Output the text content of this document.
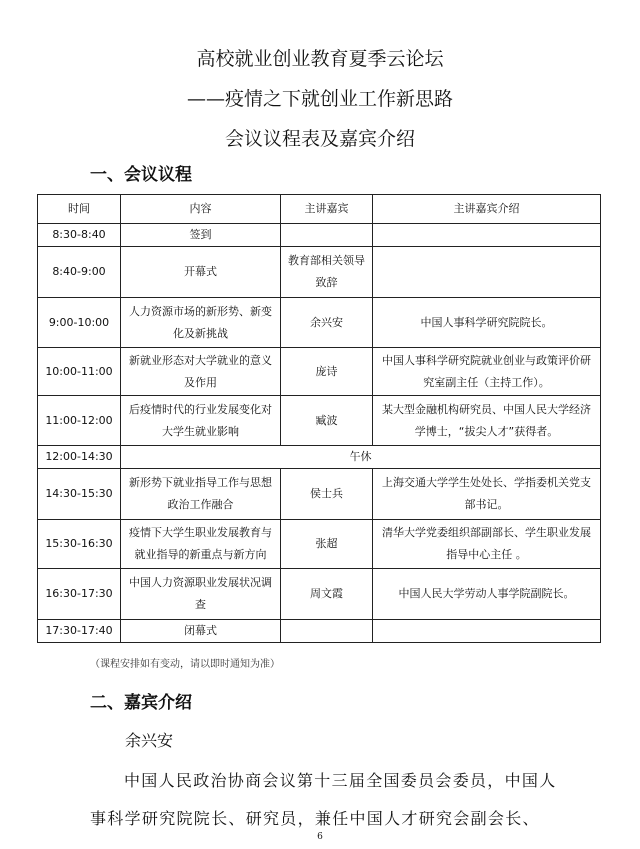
高校就业创业教育夏季云论坛
——疫情之下就创业工作新思路
会议议程表及嘉宾介绍
一、会议议程
时间	内容	主讲嘉宾	主讲嘉宾介绍
8:30-8:40	签到		
8:40-9:00	开幕式	教育部相关领导致辞	
9:00-10:00	人力资源市场的新形势、新变化及新挑战	余兴安	中国人事科学研究院院长。
10:00-11:00	新就业形态对大学就业的意义及作用	庞诗	中国人事科学研究院就业创业与政策评价研究室副主任（主持工作）。
11:00-12:00	后疫情时代的行业发展变化对大学生就业影响	臧波	某大型金融机构研究员、中国人民大学经济学博士，“拔尖人才”获得者。
12:00-14:30	午休		
14:30-15:30	新形势下就业指导工作与思想政治工作融合	侯士兵	上海交通大学学生处处长、学指委机关党支部书记。
15:30-16:30	疫情下大学生职业发展教育与就业指导的新重点与新方向	张超	清华大学党委组织部副部长、学生职业发展指导中心主任 。
16:30-17:30	中国人力资源职业发展状况调查	周文霞	中国人民大学劳动人事学院副院长。
17:30-17:40	闭幕式		
（课程安排如有变动，请以即时通知为准）
二、嘉宾介绍
余兴安
中国人民政治协商会议第十三届全国委员会委员，中国人事科学研究院院长、研究员，兼任中国人才研究会副会长、
6
